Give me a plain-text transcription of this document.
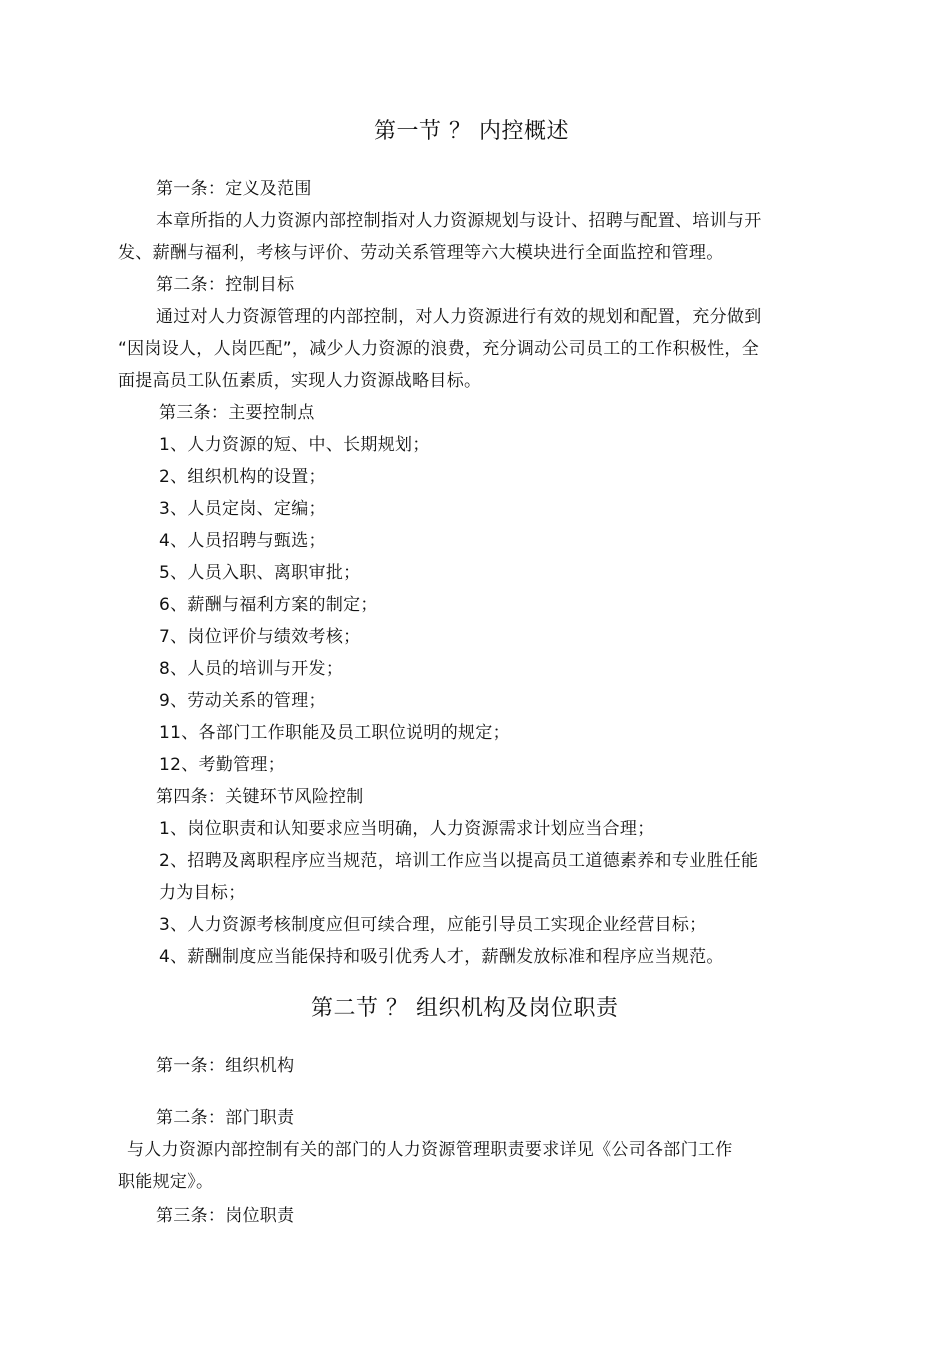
第一节 ？ 内控概述
第一条：定义及范围
本章所指的人力资源内部控制指对人力资源规划与设计、招聘与配置、培训与开
发、薪酬与福利，考核与评价、劳动关系管理等六大模块进行全面监控和管理。
第二条：控制目标
通过对人力资源管理的内部控制，对人力资源进行有效的规划和配置，充分做到
“因岗设人，人岗匹配”，减少人力资源的浪费，充分调动公司员工的工作积极性，全
面提高员工队伍素质，实现人力资源战略目标。
第三条：主要控制点
1、人力资源的短、中、长期规划；
2、组织机构的设置；
3、人员定岗、定编；
4、人员招聘与甄选；
5、人员入职、离职审批；
6、薪酬与福利方案的制定；
7、岗位评价与绩效考核；
8、人员的培训与开发；
9、劳动关系的管理；
11、各部门工作职能及员工职位说明的规定；
12、考勤管理；
第四条：关键环节风险控制
1、岗位职责和认知要求应当明确，人力资源需求计划应当合理；
2、招聘及离职程序应当规范，培训工作应当以提高员工道德素养和专业胜任能
力为目标；
3、人力资源考核制度应但可续合理，应能引导员工实现企业经营目标；
4、薪酬制度应当能保持和吸引优秀人才，薪酬发放标准和程序应当规范。
第二节 ？ 组织机构及岗位职责
第一条：组织机构
第二条：部门职责
与人力资源内部控制有关的部门的人力资源管理职责要求详见《公司各部门工作
职能规定》。
第三条：岗位职责
